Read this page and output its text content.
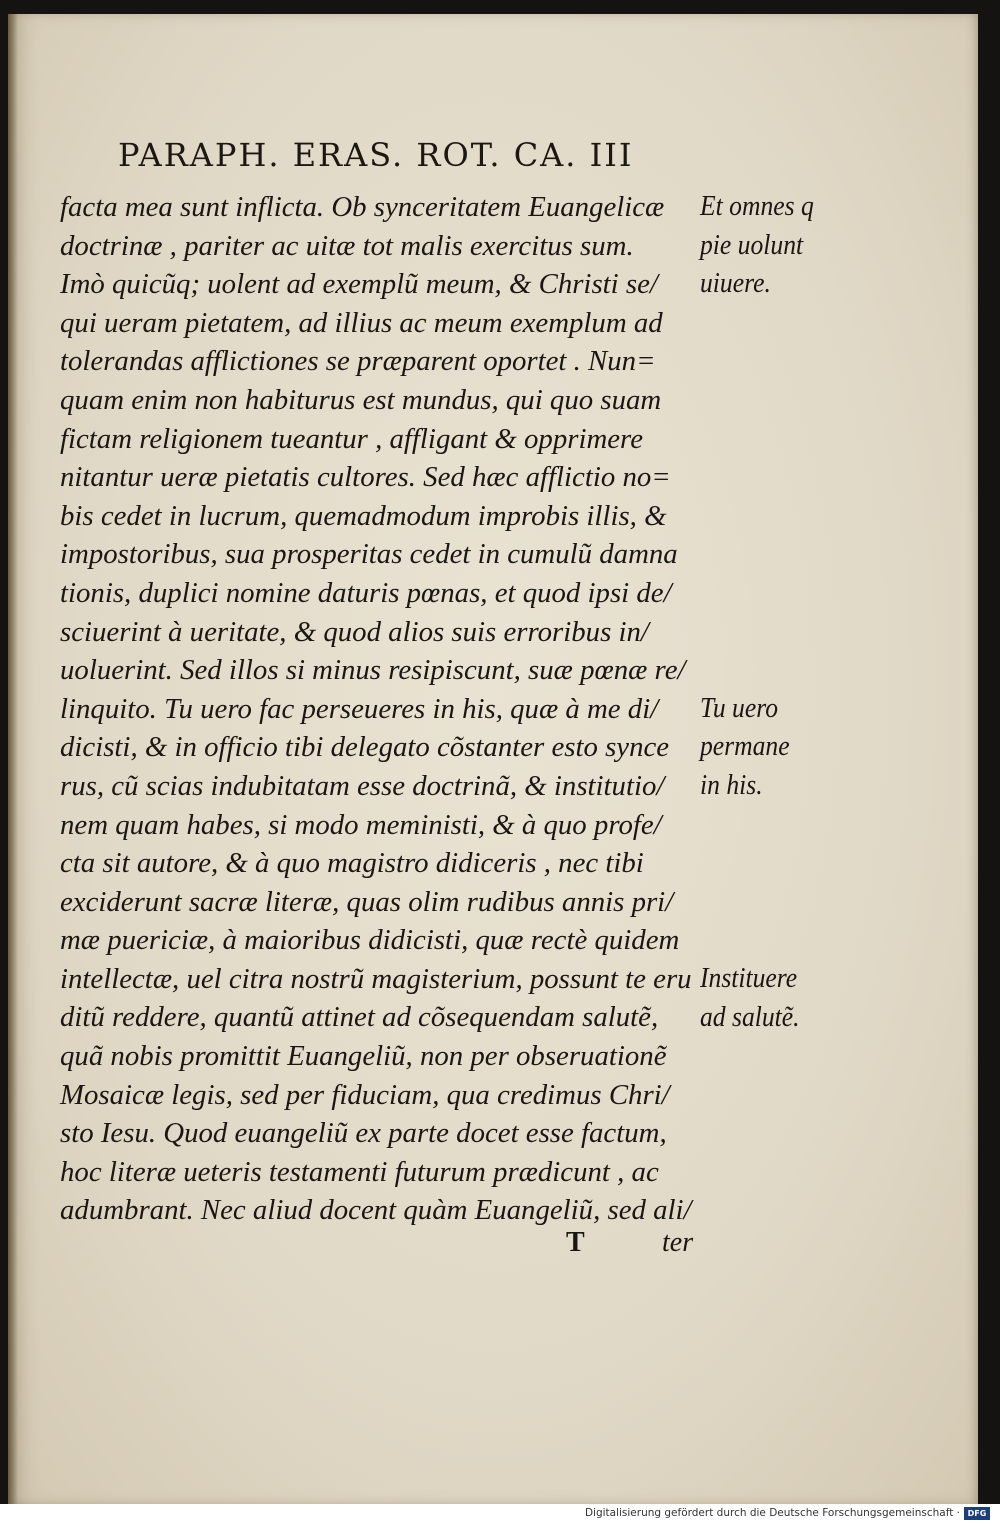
PARAPH. ERAS. ROT. CA. III
facta mea sunt inflicta. Ob synceritatem Euangelicæ
doctrinæ , pariter ac uitæ tot malis exercitus sum.
Imò quicũq; uolent ad exemplũ meum, & Christi se/
qui ueram pietatem, ad illius ac meum exemplum ad
tolerandas afflictiones se præparent oportet . Nun=
quam enim non habiturus est mundus, qui quo suam
fictam religionem tueantur , affligant & opprimere
nitantur ueræ pietatis cultores. Sed hæc afflictio no=
bis cedet in lucrum, quemadmodum improbis illis, &
impostoribus, sua prosperitas cedet in cumulũ damna
tionis, duplici nomine daturis pœnas, et quod ipsi de/
sciuerint à ueritate, & quod alios suis erroribus in/
uoluerint. Sed illos si minus resipiscunt, suæ pœnæ re/
linquito. Tu uero fac perseueres in his, quæ à me di/
dicisti, & in officio tibi delegato cõstanter esto synce
rus, cũ scias indubitatam esse doctrinã, & institutio/
nem quam habes, si modo meministi, & à quo profe/
cta sit autore, & à quo magistro didiceris , nec tibi
exciderunt sacræ literæ, quas olim rudibus annis pri/
mæ puericiæ, à maioribus didicisti, quæ rectè quidem
intellectæ, uel citra nostrũ magisterium, possunt te eru
ditũ reddere, quantũ attinet ad cõsequendam salutẽ,
quã nobis promittit Euangeliũ, non per obseruationẽ
Mosaicæ legis, sed per fiduciam, qua credimus Chri/
sto Iesu. Quod euangeliũ ex parte docet esse factum,
hoc literæ ueteris testamenti futurum prædicunt , ac
adumbrant. Nec aliud docent quàm Euangeliũ, sed ali/
Et omnes q
pie uolunt
uiuere.
Tu uero
permane
in his.
Instituere
ad salutẽ.
T	ter
Digitalisierung gefördert durch die Deutsche Forschungsgemeinschaft · DFG
